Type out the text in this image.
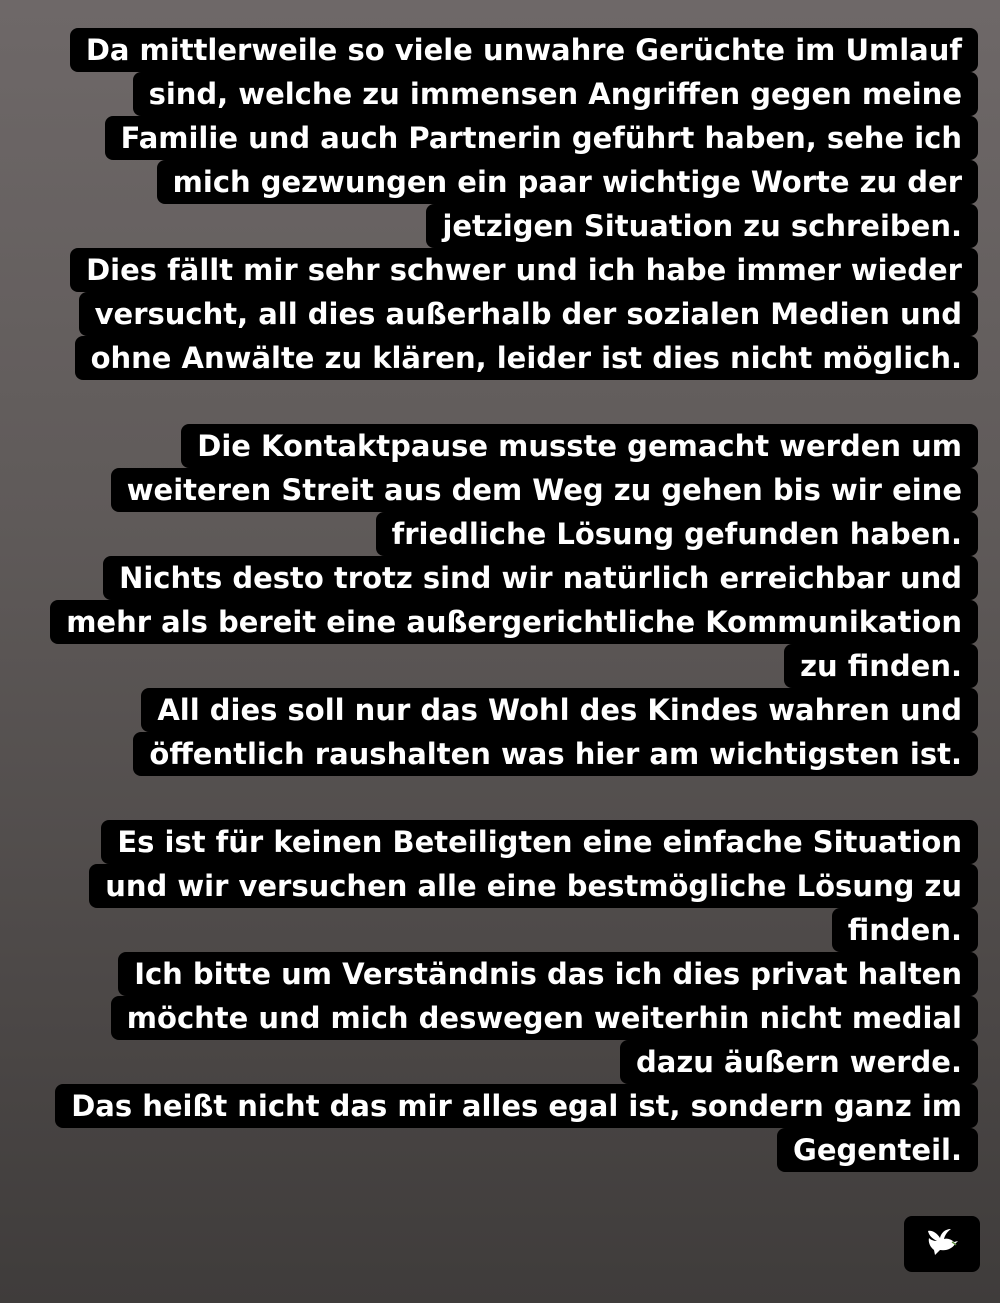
Da mittlerweile so viele unwahre Gerüchte im Umlauf
sind, welche zu immensen Angriffen gegen meine
Familie und auch Partnerin geführt haben, sehe ich
mich gezwungen ein paar wichtige Worte zu der
jetzigen Situation zu schreiben.
Dies fällt mir sehr schwer und ich habe immer wieder
versucht, all dies außerhalb der sozialen Medien und
ohne Anwälte zu klären, leider ist dies nicht möglich.
Die Kontaktpause musste gemacht werden um
weiteren Streit aus dem Weg zu gehen bis wir eine
friedliche Lösung gefunden haben.
Nichts desto trotz sind wir natürlich erreichbar und
mehr als bereit eine außergerichtliche Kommunikation
zu finden.
All dies soll nur das Wohl des Kindes wahren und
öffentlich raushalten was hier am wichtigsten ist.
Es ist für keinen Beteiligten eine einfache Situation
und wir versuchen alle eine bestmögliche Lösung zu
finden.
Ich bitte um Verständnis das ich dies privat halten
möchte und mich deswegen weiterhin nicht medial
dazu äußern werde.
Das heißt nicht das mir alles egal ist, sondern ganz im
Gegenteil.
